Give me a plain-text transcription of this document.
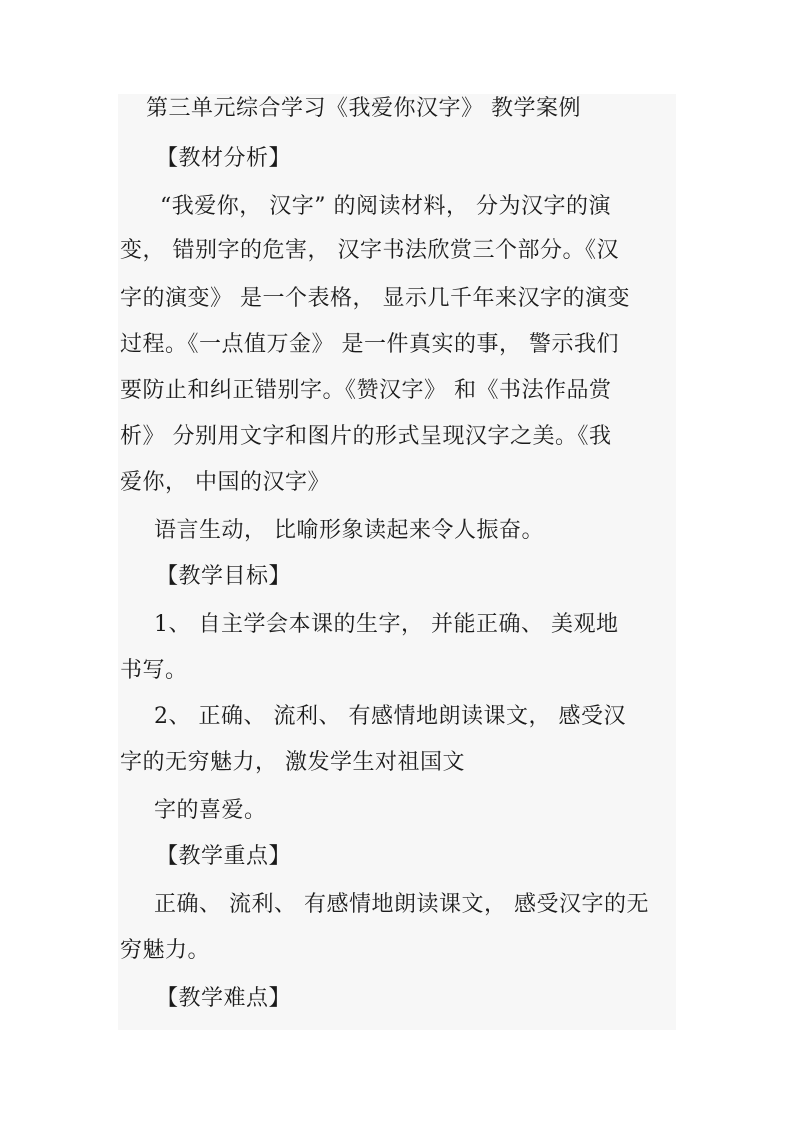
第三单元综合学习《我爱你汉字》 教学案例
【教材分析】
“我爱你， 汉字” 的阅读材料， 分为汉字的演
变， 错别字的危害， 汉字书法欣赏三个部分。《汉
字的演变》 是一个表格， 显示几千年来汉字的演变
过程。《一点值万金》 是一件真实的事， 警示我们
要防止和纠正错别字。《赞汉字》 和《书法作品赏
析》 分别用文字和图片的形式呈现汉字之美。《我
爱你， 中国的汉字》
语言生动， 比喻形象读起来令人振奋。
【教学目标】
1、 自主学会本课的生字， 并能正确、 美观地
书写。
2、 正确、 流利、 有感情地朗读课文， 感受汉
字的无穷魅力， 激发学生对祖国文
字的喜爱。
【教学重点】
正确、 流利、 有感情地朗读课文， 感受汉字的无
穷魅力。
【教学难点】
